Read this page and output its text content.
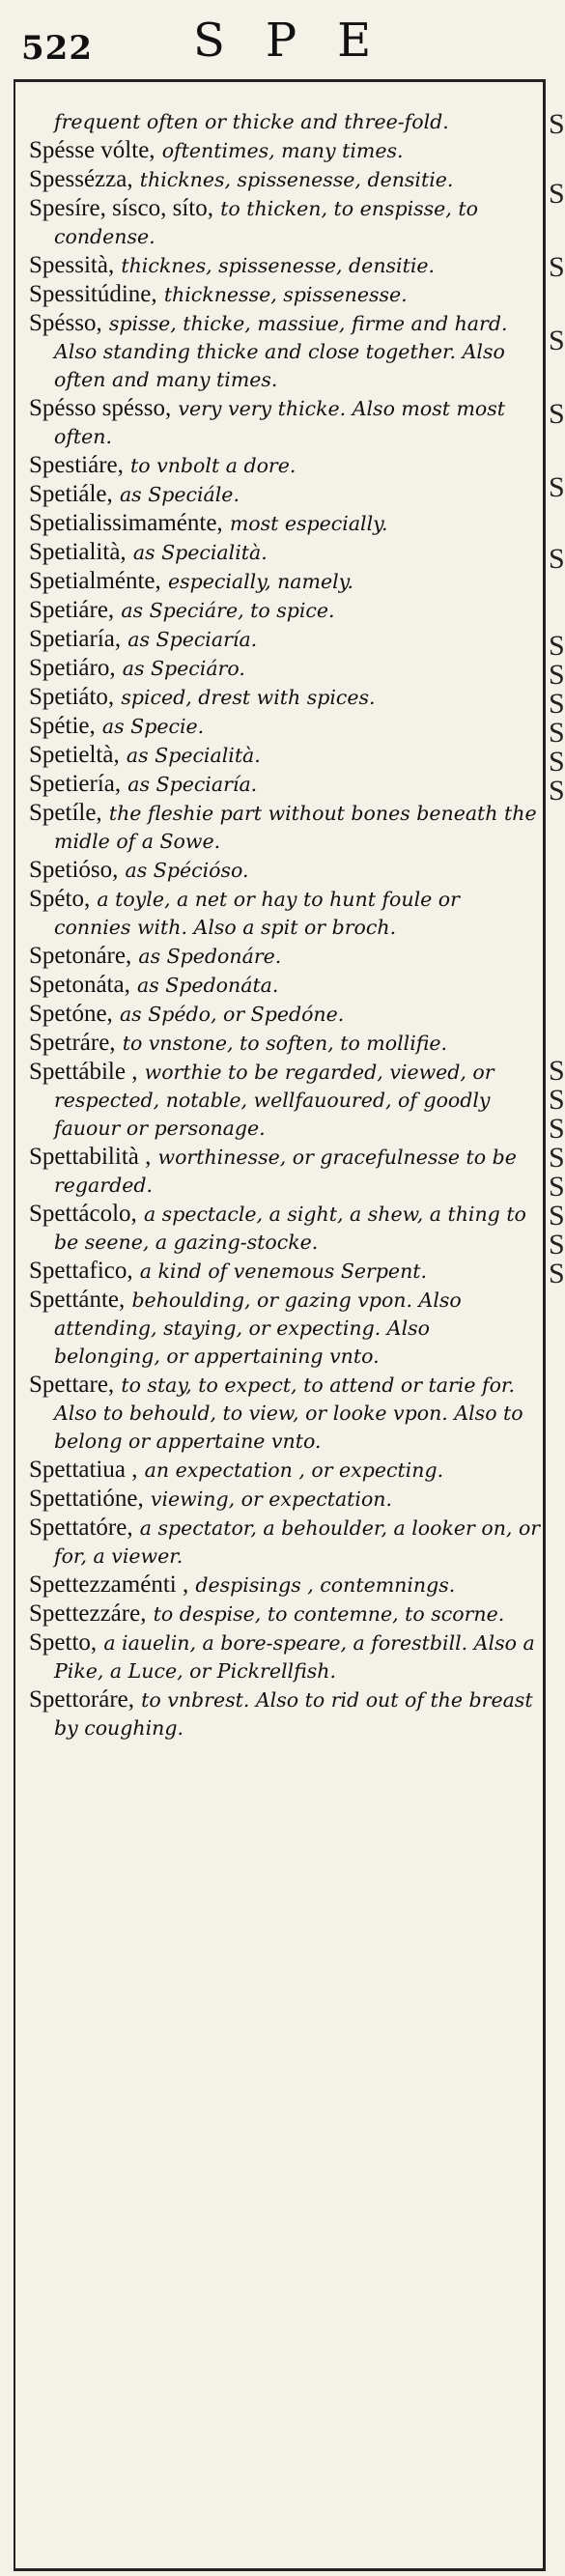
522 SPE

frequent often or thicke and three-fold.

Spésse vólte, oftentimes, many times.

Spessézza, thicknes, spissenesse, densitie.

Spesíre, sísco, síto, to thicken, to enspisse, to condense.

Spessità, thicknes, spissenesse, densitie.

Spessitúdine, thicknesse, spissenesse.

Spésso, spisse, thicke, massiue, firme and hard. Also standing thicke and close together. Also often and many times.

Spésso spésso, very very thicke. Also most most often.

Spestiáre, to vnbolt a dore.

Spetiále, as Speciále.

Spetialissimaménte, most especially.

Spetialità, as Specialità.

Spetialménte, especially, namely.

Spetiáre, as Speciáre, to spice.

Spetiaría, as Speciaría.

Spetiáro, as Speciáro.

Spetiáto, spiced, drest with spices.

Spétie, as Specie.

Spetieltà, as Specialità.

Spetiería, as Speciaría.

Spetíle, the fleshie part without bones beneath the midle of a Sowe.

Spetióso, as Spécióso.

Spéto, a toyle, a net or hay to hunt foule or connies with. Also a spit or broch.

Spetonáre, as Spedonáre.

Spetonáta, as Spedonáta.

Spetóne, as Spédo, or Spedóne.

Spetráre, to vnstone, to soften, to mollifie.

Spettábile , worthie to be regarded, viewed, or respected, notable, wellfauoured, of goodly fauour or personage.

Spettabilità , worthinesse, or gracefulnesse to be regarded.

Spettácolo, a spectacle, a sight, a shew, a thing to be seene, a gazing-stocke.

Spettafico, a kind of venemous Serpent.

Spettánte, behoulding, or gazing vpon. Also attending, staying, or expecting. Also belonging, or appertaining vnto.

Spettare, to stay, to expect, to attend or tarie for. Also to behould, to view, or looke vpon. Also to belong or appertaine vnto.

Spettatiua , an expectation , or expecting.

Spettatióne, viewing, or expectation.

Spettatóre, a spectator, a behoulder, a looker on, or for, a viewer.

Spettezzaménti , despisings , contemnings.

Spettezzáre, to despise, to contemne, to scorne.

Spetto, a iauelin, a bore-speare, a forestbill. Also a Pike, a Luce, or Pickrellfish.

Spettoráre, to vnbrest. Also to rid out of the breast by coughing.

S
S
S
S
S
S
S
S
S
S
S
S
S
S
S
S
S
S
S
S
S
